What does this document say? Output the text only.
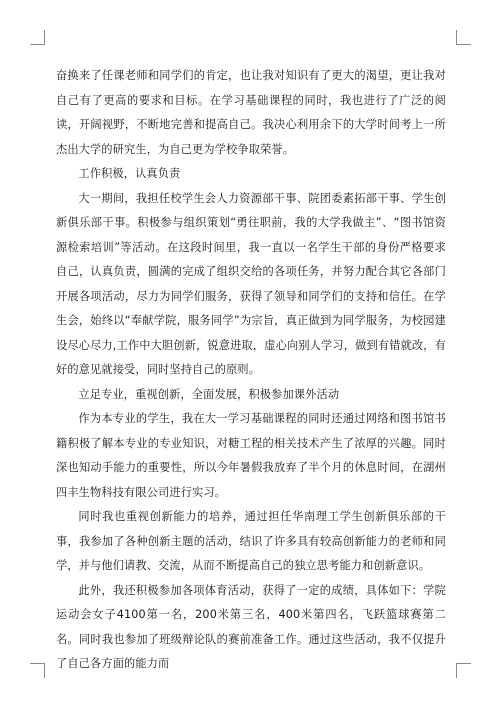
奋换来了任课老师和同学们的肯定，也让我对知识有了更大的渴望，更让我对自己有了更高的要求和目标。在学习基础课程的同时，我也进行了广泛的阅读，开阔视野，不断地完善和提高自己。我决心利用余下的大学时间考上一所杰出大学的研究生，为自己更为学校争取荣誉。

工作积极，认真负责

大一期间，我担任校学生会人力资源部干事、院团委素拓部干事、学生创新俱乐部干事。积极参与组织策划“勇往职前，我的大学我做主”、“图书馆资源检索培训”等活动。在这段时间里，我一直以一名学生干部的身份严格要求自己，认真负责，圆满的完成了组织交给的各项任务，并努力配合其它各部门开展各项活动，尽力为同学们服务，获得了领导和同学们的支持和信任。在学生会，始终以“奉献学院，服务同学”为宗旨，真正做到为同学服务，为校园建设尽心尽力,工作中大胆创新，锐意进取，虚心向别人学习，做到有错就改，有好的意见就接受，同时坚持自己的原则。

立足专业，重视创新，全面发展，积极参加课外活动

作为本专业的学生，我在大一学习基础课程的同时还通过网络和图书馆书籍积极了解本专业的专业知识，对糖工程的相关技术产生了浓厚的兴趣。同时深也知动手能力的重要性，所以今年暑假我放弃了半个月的休息时间，在湖州四丰生物科技有限公司进行实习。

同时我也重视创新能力的培养，通过担任华南理工学生创新俱乐部的干事，我参加了各种创新主题的活动，结识了许多具有较高创新能力的老师和同学，并与他们请教、交流，从而不断提高自己的独立思考能力和创新意识。

此外，我还积极参加各项体育活动，获得了一定的成绩，具体如下：学院运动会女子4100第一名，200米第三名，400米第四名，飞跃篮球赛第二名。同时我也参加了班级辩论队的赛前准备工作。通过这些活动，我不仅提升了自己各方面的能力而
